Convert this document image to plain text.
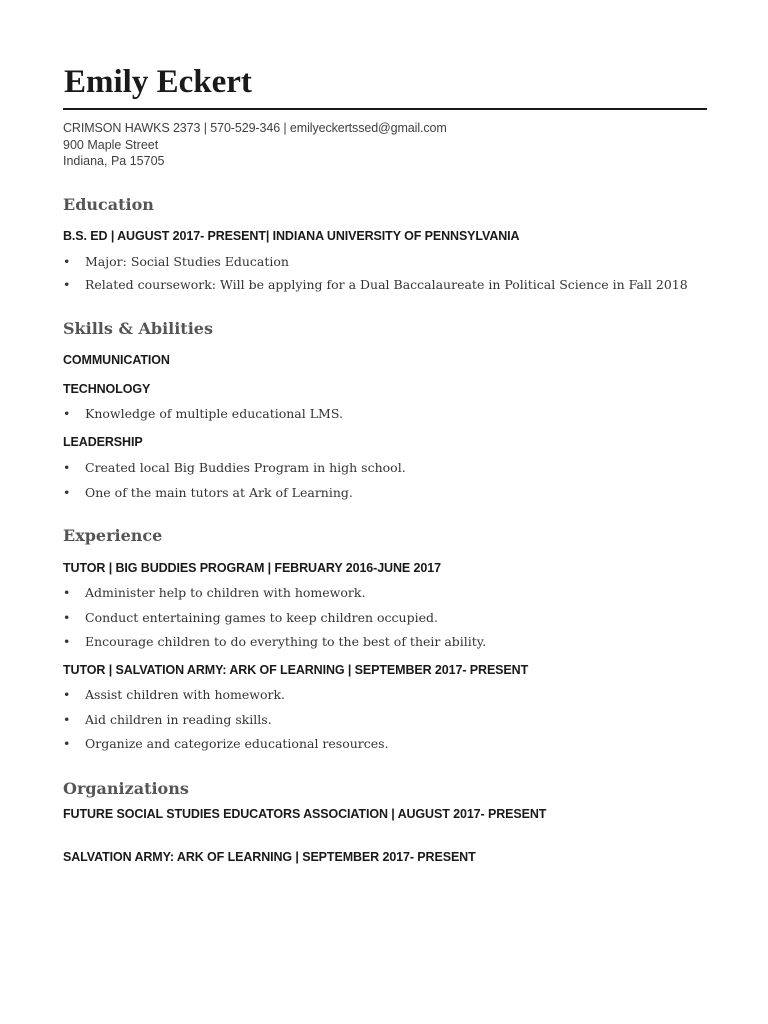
Emily Eckert
CRIMSON HAWKS 2373 | 570-529-346 | emilyeckertssed@gmail.com
900 Maple Street
Indiana, Pa 15705
Education
B.S. ED | AUGUST 2017- PRESENT| INDIANA UNIVERSITY OF PENNSYLVANIA
• Major: Social Studies Education
• Related coursework: Will be applying for a Dual Baccalaureate in Political Science in Fall 2018
Skills & Abilities
COMMUNICATION
TECHNOLOGY
• Knowledge of multiple educational LMS.
LEADERSHIP
• Created local Big Buddies Program in high school.
• One of the main tutors at Ark of Learning.
Experience
TUTOR | BIG BUDDIES PROGRAM | FEBRUARY 2016-JUNE 2017
• Administer help to children with homework.
• Conduct entertaining games to keep children occupied.
• Encourage children to do everything to the best of their ability.
TUTOR | SALVATION ARMY: ARK OF LEARNING | SEPTEMBER 2017- PRESENT
• Assist children with homework.
• Aid children in reading skills.
• Organize and categorize educational resources.
Organizations
FUTURE SOCIAL STUDIES EDUCATORS ASSOCIATION | AUGUST 2017- PRESENT
SALVATION ARMY: ARK OF LEARNING | SEPTEMBER 2017- PRESENT
